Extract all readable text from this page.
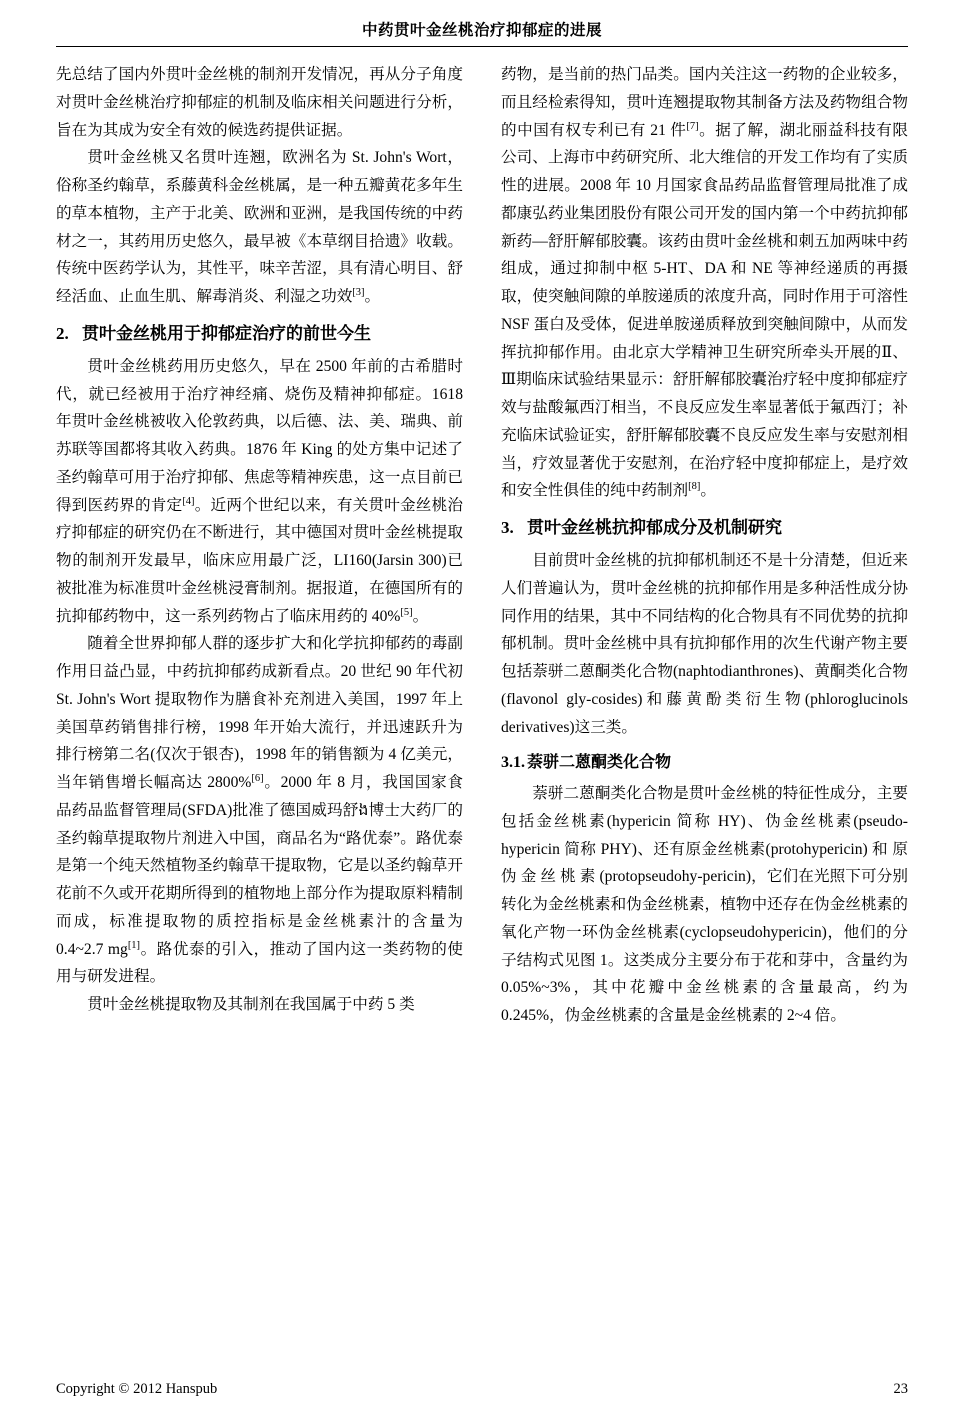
中药贯叶金丝桃治疗抑郁症的进展

先总结了国内外贯叶金丝桃的制剂开发情况，再从分子角度对贯叶金丝桃治疗抑郁症的机制及临床相关问题进行分析，旨在为其成为安全有效的候选药提供证据。

贯叶金丝桃又名贯叶连翘，欧洲名为 St. John's Wort，俗称圣约翰草，系藤黄科金丝桃属，是一种五瓣黄花多年生的草本植物，主产于北美、欧洲和亚洲，是我国传统的中药材之一，其药用历史悠久，最早被《本草纲目拾遗》收载。传统中医药学认为，其性平，味辛苦涩，具有清心明目、舒经活血、止血生肌、解毒消炎、利湿之功效[3]。

2. 贯叶金丝桃用于抑郁症治疗的前世今生

贯叶金丝桃药用历史悠久，早在 2500 年前的古希腊时代，就已经被用于治疗神经痛、烧伤及精神抑郁症。1618 年贯叶金丝桃被收入伦敦药典，以后德、法、美、瑞典、前苏联等国都将其收入药典。1876 年 King 的处方集中记述了圣约翰草可用于治疗抑郁、焦虑等精神疾患，这一点目前已得到医药界的肯定[4]。近两个世纪以来，有关贯叶金丝桃治疗抑郁症的研究仍在不断进行，其中德国对贯叶金丝桃提取物的制剂开发最早，临床应用最广泛，LI160(Jarsin 300)已被批准为标准贯叶金丝桃浸膏制剂。据报道，在德国所有的抗抑郁药物中，这一系列药物占了临床用药的 40%[5]。

随着全世界抑郁人群的逐步扩大和化学抗抑郁药的毒副作用日益凸显，中药抗抑郁药成新看点。20 世纪 90 年代初 St. John's Wort 提取物作为膳食补充剂进入美国，1997 年上美国草药销售排行榜，1998 年开始大流行，并迅速跃升为排行榜第二名(仅次于银杏)，1998 年的销售额为 4 亿美元，当年销售增长幅高达 2800%[6]。2000 年 8 月，我国国家食品药品监督管理局(SFDA)批准了德国威玛舒ង博士大药厂的圣约翰草提取物片剂进入中国，商品名为“路优泰”。路优泰是第一个纯天然植物圣约翰草干提取物，它是以圣约翰草开花前不久或开花期所得到的植物地上部分作为提取原料精制而成，标准提取物的质控指标是金丝桃素汁的含量为 0.4~2.7 mg[1]。路优泰的引入，推动了国内这一类药物的使用与研发进程。

贯叶金丝桃提取物及其制剂在我国属于中药 5 类

药物，是当前的热门品类。国内关注这一药物的企业较多，而且经检索得知，贯叶连翘提取物其制备方法及药物组合物的中国有权专利已有 21 件[7]。据了解，湖北丽益科技有限公司、上海市中药研究所、北大维信的开发工作均有了实质性的进展。2008 年 10 月国家食品药品监督管理局批准了成都康弘药业集团股份有限公司开发的国内第一个中药抗抑郁新药—舒肝解郁胶囊。该药由贯叶金丝桃和刺五加两味中药组成，通过抑制中枢 5-HT、DA 和 NE 等神经递质的再摄取，使突触间隙的单胺递质的浓度升高，同时作用于可溶性 NSF 蛋白及受体，促进单胺递质释放到突触间隙中，从而发挥抗抑郁作用。由北京大学精神卫生研究所牵头开展的Ⅱ、Ⅲ期临床试验结果显示：舒肝解郁胶囊治疗轻中度抑郁症疗效与盐酸氟西汀相当，不良反应发生率显著低于氟西汀；补充临床试验证实，舒肝解郁胶囊不良反应发生率与安慰剂相当，疗效显著优于安慰剂，在治疗轻中度抑郁症上，是疗效和安全性俱佳的纯中药制剂[8]。

3. 贯叶金丝桃抗抑郁成分及机制研究

目前贯叶金丝桃的抗抑郁机制还不是十分清楚，但近来人们普遍认为，贯叶金丝桃的抗抑郁作用是多种活性成分协同作用的结果，其中不同结构的化合物具有不同优势的抗抑郁机制。贯叶金丝桃中具有抗抑郁作用的次生代谢产物主要包括萘骈二蒽酮类化合物(naphtodianthrones)、黄酮类化合物(flavonol gly-cosides)和藤黄酚类衍生物(phloroglucinols derivatives)这三类。

3.1. 萘骈二蒽酮类化合物

萘骈二蒽酮类化合物是贯叶金丝桃的特征性成分，主要包括金丝桃素(hypericin 简称 HY)、伪金丝桃素(pseudo-hypericin 简称 PHY)、还有原金丝桃素(protohypericin) 和 原 伪 金 丝 桃 素 (protopseudohy-pericin)，它们在光照下可分别转化为金丝桃素和伪金丝桃素，植物中还存在伪金丝桃素的氧化产物一环伪金丝桃素(cyclopseudohypericin)，他们的分子结构式见图 1。这类成分主要分布于花和芽中，含量约为 0.05%~3%，其中花瓣中金丝桃素的含量最高，约为 0.245%，伪金丝桃素的含量是金丝桃素的 2~4 倍。

Copyright © 2012 Hanspub	23
